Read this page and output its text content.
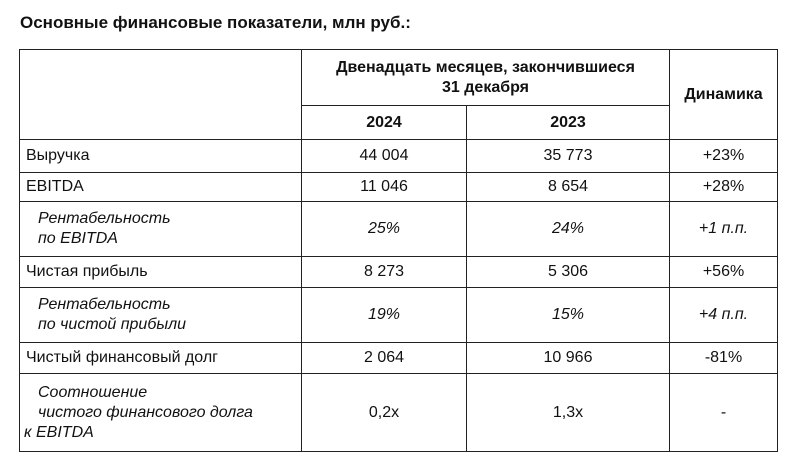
Основные финансовые показатели, млн руб.:
	Двенадцать месяцев, закончившиеся 31 декабря		Динамика
	2024	2023	
Выручка	44 004	35 773	+23%
EBITDA	11 046	8 654	+28%

Рентабельность
по EBITDA	25%	24%	+1 п.п.
Чистая прибыль	8 273	5 306	+56%

Рентабельность
по чистой прибыли	19%	15%	+4 п.п.
Чистый финансовый долг	2 064	10 966	-81%

Соотношение
чистого финансового долга
к EBITDA	0,2x	1,3x	-
